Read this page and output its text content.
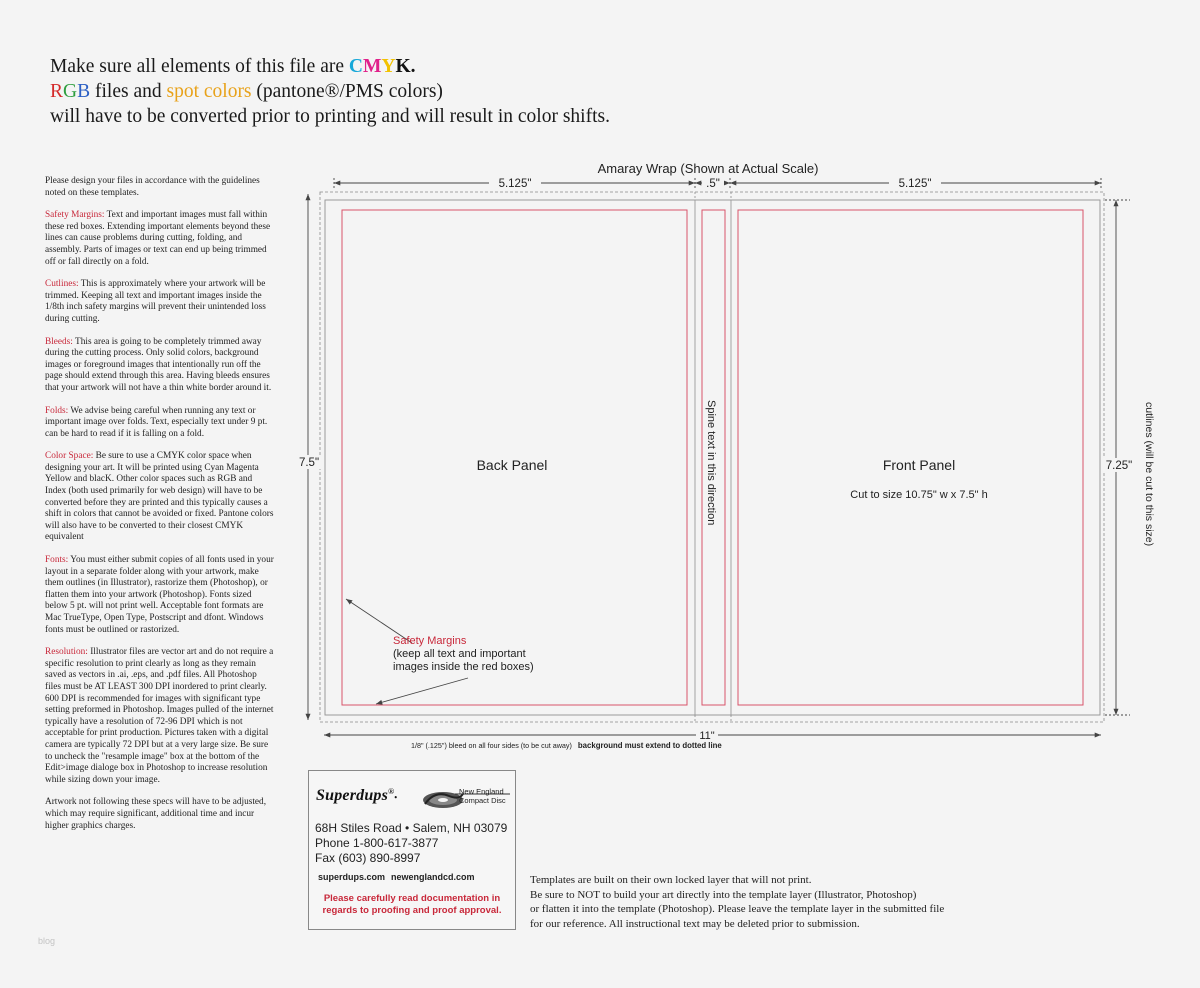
Make sure all elements of this file are CMYK.
RGB files and spot colors (pantone®/PMS colors)
will have to be converted prior to printing and will result in color shifts.

Please design your files in accordance with the guidelines noted on these templates.

Safety Margins: Text and important images must fall within these red boxes. Extending important elements beyond these lines can cause problems during cutting, folding, and assembly. Parts of images or text can end up being trimmed off or fall directly on a fold.

Cutlines: This is approximately where your artwork will be trimmed. Keeping all text and important images inside the 1/8th inch safety margins will prevent their unintended loss during cutting.

Bleeds: This area is going to be completely trimmed away during the cutting process. Only solid colors, background images or foreground images that intentionally run off the page should extend through this area. Having bleeds ensures that your artwork will not have a thin white border around it.

Folds: We advise being careful when running any text or important image over folds. Text, especially text under 9 pt. can be hard to read if it is falling on a fold.

Color Space: Be sure to use a CMYK color space when designing your art. It will be printed using Cyan Magenta Yellow and blacK. Other color spaces such as RGB and Index (both used primarily for web design) will have to be converted before they are printed and this typically causes a shift in colors that cannot be avoided or fixed. Pantone colors will also have to be converted to their closest CMYK equivalent

Fonts: You must either submit copies of all fonts used in your layout in a separate folder along with your artwork, make them outlines (in Illustrator), rastorize them (Photoshop), or flatten them into your artwork (Photoshop). Fonts sized below 5 pt. will not print well. Acceptable font formats are Mac TrueType, Open Type, Postscript and dfont. Windows fonts must be outlined or rastorized.

Resolution: Illustrator files are vector art and do not require a specific resolution to print clearly as long as they remain saved as vectors in .ai, .eps, and .pdf files. All Photoshop files must be AT LEAST 300 DPI inordered to print clearly. 600 DPI is recommended for images with significant type setting preformed in Photoshop. Images pulled of the internet typically have a resolution of 72-96 DPI which is not acceptable for print production. Pictures taken with a digital camera are typically 72 DPI but at a very large size. Be sure to uncheck the "resample image" box at the bottom of the Edit>image dialoge box in Photoshop to increase resolution while sizing down your image.

Artwork not following these specs will have to be adjusted, which may require significant, additional time and incur higher graphics charges.

Amaray Wrap (Shown at Actual Scale)
5.125"	.5"	5.125"
7.5"	7.25" cutlines (will be cut to this size)
Back Panel	Front Panel
Cut to size 10.75" w x 7.5" h
Spine text in this direction
Safety Margins
(keep all text and important
images inside the red boxes)
11"
1/8" (.125") bleed on all four sides (to be cut away) background must extend to dotted line
Superdups®•
New England
Compact Disc
68H Stiles Road • Salem, NH 03079
Phone 1-800-617-3877
Fax (603) 890-8997
superdups.com newenglandcd.com
Please carefully read documentation in
regards to proofing and proof approval.
Templates are built on their own locked layer that will not print.
Be sure to NOT to build your art directly into the template layer (Illustrator, Photoshop)
or flatten it into the template (Photoshop). Please leave the template layer in the submitted file
for our reference. All instructional text may be deleted prior to submission.
blog
